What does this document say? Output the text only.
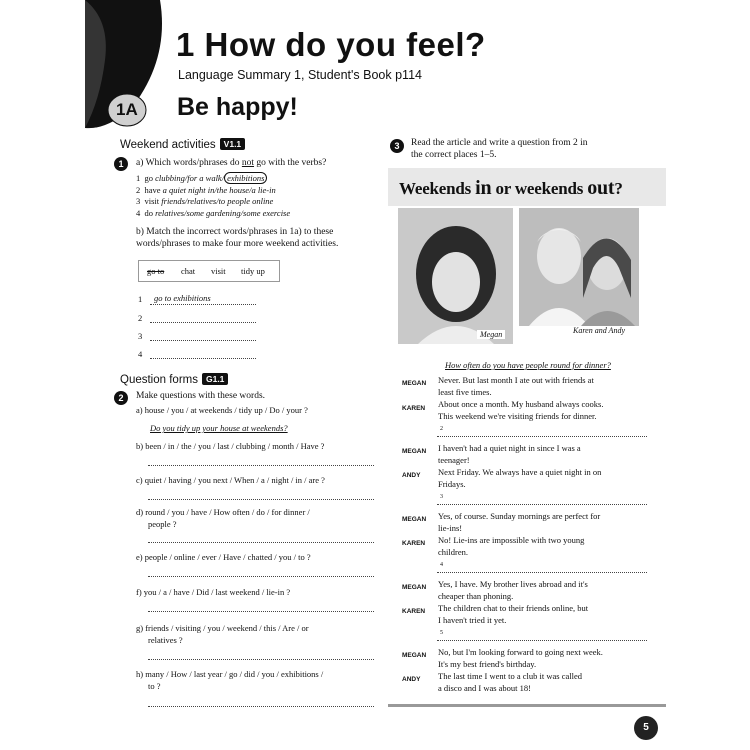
1 How do you feel?
Language Summary 1, Student's Book p114
1A Be happy!
Weekend activities V1.1
1	a) Which words/phrases do not go with the verbs?
1 go clubbing/for a walk/ exhibitions
2 have a quiet night in/the house/a lie-in
3 visit friends/relatives/to people online
4 do relatives/some gardening/some exercise
b) Match the incorrect words/phrases in 1a) to these
words/phrases to make four more weekend activities.
go to chat visit tidy up
1 go to exhibitions
2
3
4
Question forms G1.1
2	Make questions with these words.
a) house / you / at weekends / tidy up / Do / your ?
Do you tidy up your house at weekends?
b) been / in / the / you / last / clubbing / month / Have ?
c) quiet / having / you next / When / a / night / in / are ?
d) round / you / have / How often / do / for dinner /
people ?
e) people / online / ever / Have / chatted / you / to ?
f) you / a / have / Did / last weekend / lie-in ?
g) friends / visiting / you / weekend / this / Are / or
relatives ?
h) many / How / last year / go / did / you / exhibitions /
to ?
3	Read the article and write a question from 2 in
the correct places 1–5.
Weekends in or weekends out?
Megan	Karen and Andy
How often do you have people round for dinner?
MEGAN Never. But last month I ate out with friends at
least five times.
KAREN About once a month. My husband always cooks.
This weekend we're visiting friends for dinner.
2
MEGAN I haven't had a quiet night in since I was a
teenager!
ANDY Next Friday. We always have a quiet night in on
Fridays.
3
MEGAN Yes, of course. Sunday mornings are perfect for
lie-ins!
KAREN No! Lie-ins are impossible with two young
children.
4
MEGAN Yes, I have. My brother lives abroad and it's
cheaper than phoning.
KAREN The children chat to their friends online, but
I haven't tried it yet.
5
MEGAN No, but I'm looking forward to going next week.
It's my best friend's birthday.
ANDY The last time I went to a club it was called
a disco and I was about 18!
5
